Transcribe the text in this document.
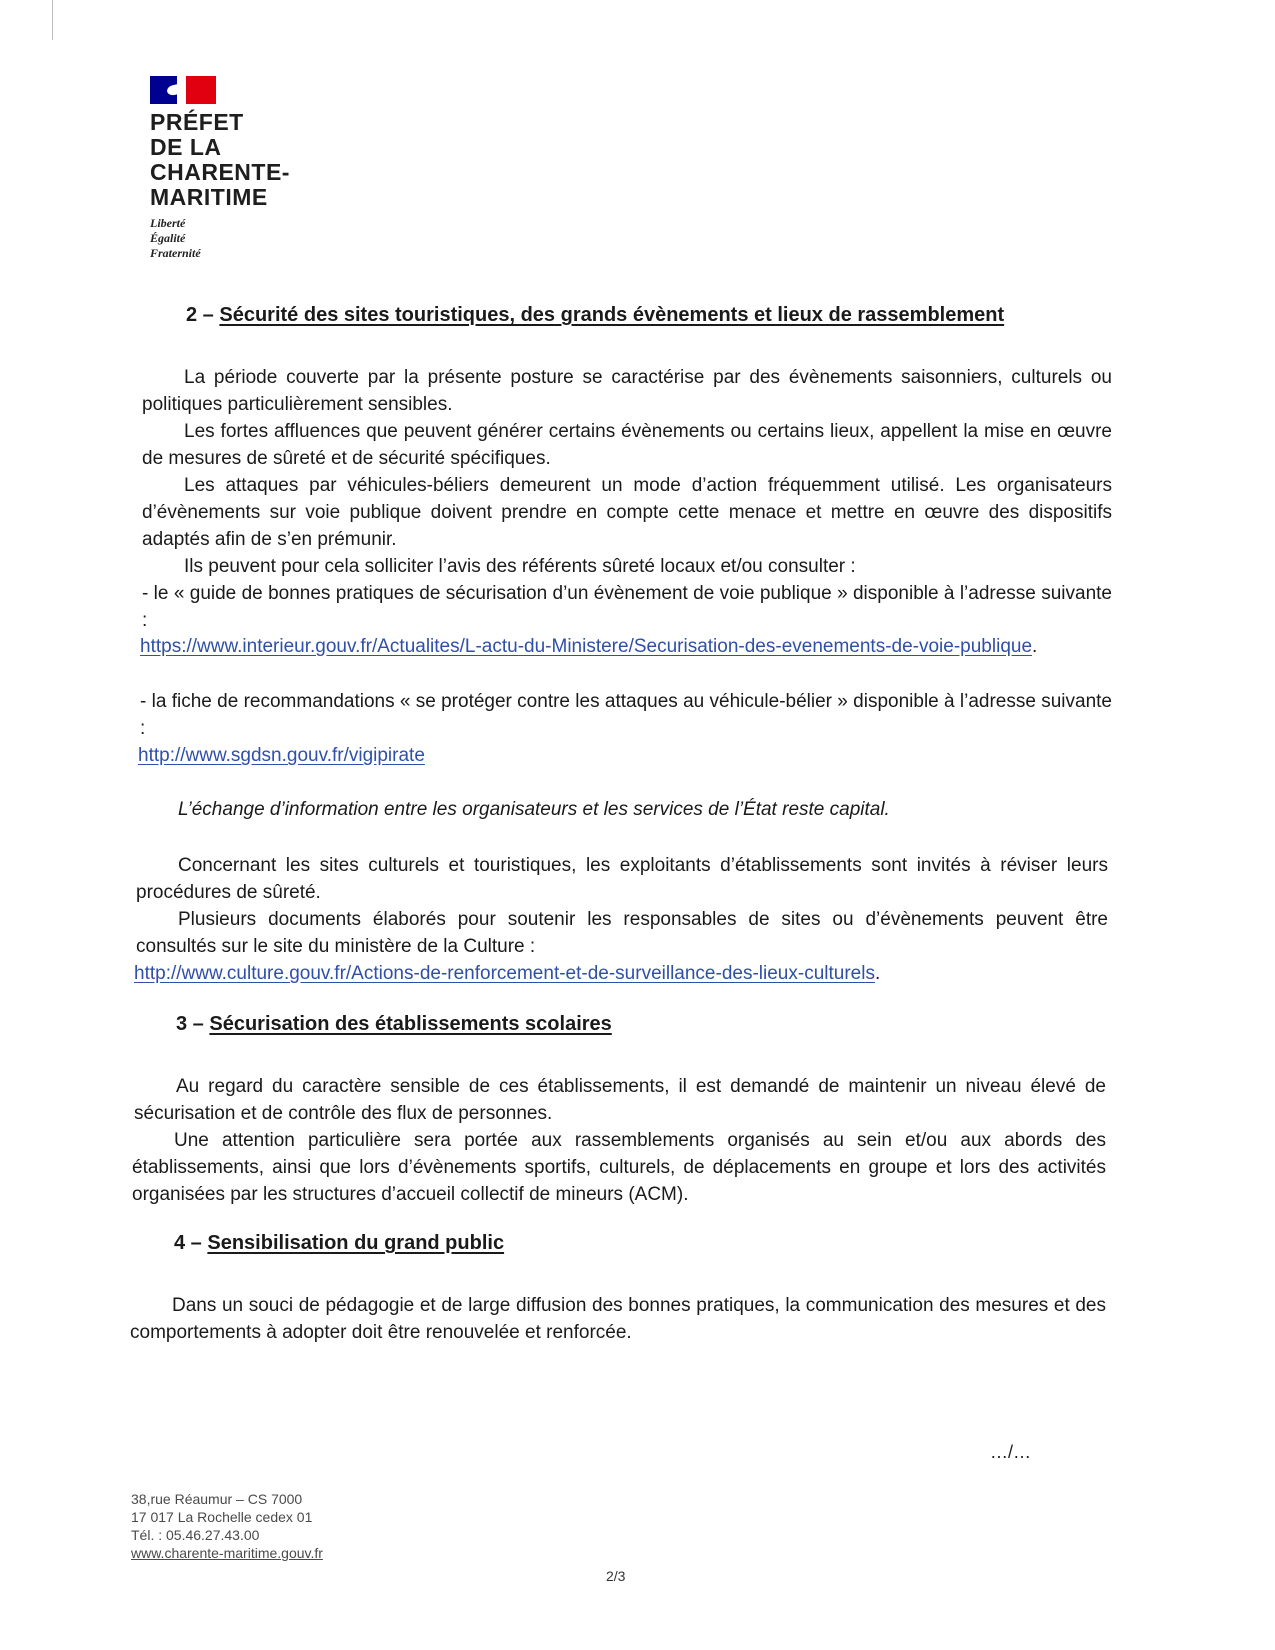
PRÉFET
DE LA
CHARENTE-
MARITIME
Liberté
Égalité
Fraternité
2 – Sécurité des sites touristiques, des grands évènements et lieux de rassemblement

La période couverte par la présente posture se caractérise par des évènements saisonniers, culturels ou politiques particulièrement sensibles.

Les fortes affluences que peuvent générer certains évènements ou certains lieux, appellent la mise en œuvre de mesures de sûreté et de sécurité spécifiques.

Les attaques par véhicules-béliers demeurent un mode d’action fréquemment utilisé. Les organisateurs d’évènements sur voie publique doivent prendre en compte cette menace et mettre en œuvre des dispositifs adaptés afin de s’en prémunir.

Ils peuvent pour cela solliciter l’avis des référents sûreté locaux et/ou consulter :

- le « guide de bonnes pratiques de sécurisation d’un évènement de voie publique » disponible à l’adresse suivante :

https://www.interieur.gouv.fr/Actualites/L-actu-du-Ministere/Securisation-des-evenements-de-voie-publique.

- la fiche de recommandations « se protéger contre les attaques au véhicule-bélier » disponible à l’adresse suivante :

http://www.sgdsn.gouv.fr/vigipirate

L’échange d’information entre les organisateurs et les services de l’État reste capital.

Concernant les sites culturels et touristiques, les exploitants d’établissements sont invités à réviser leurs procédures de sûreté.

Plusieurs documents élaborés pour soutenir les responsables de sites ou d’évènements peuvent être consultés sur le site du ministère de la Culture :

http://www.culture.gouv.fr/Actions-de-renforcement-et-de-surveillance-des-lieux-culturels.

3 – Sécurisation des établissements scolaires

Au regard du caractère sensible de ces établissements, il est demandé de maintenir un niveau élevé de sécurisation et de contrôle des flux de personnes.

Une attention particulière sera portée aux rassemblements organisés au sein et/ou aux abords des établissements, ainsi que lors d’évènements sportifs, culturels, de déplacements en groupe et lors des activités organisées par les structures d’accueil collectif de mineurs (ACM).

4 – Sensibilisation du grand public

Dans un souci de pédagogie et de large diffusion des bonnes pratiques, la communication des mesures et des comportements à adopter doit être renouvelée et renforcée.

…/…
38,rue Réaumur – CS 7000
17 017 La Rochelle cedex 01
Tél. : 05.46.27.43.00
www.charente-maritime.gouv.fr
2/3
